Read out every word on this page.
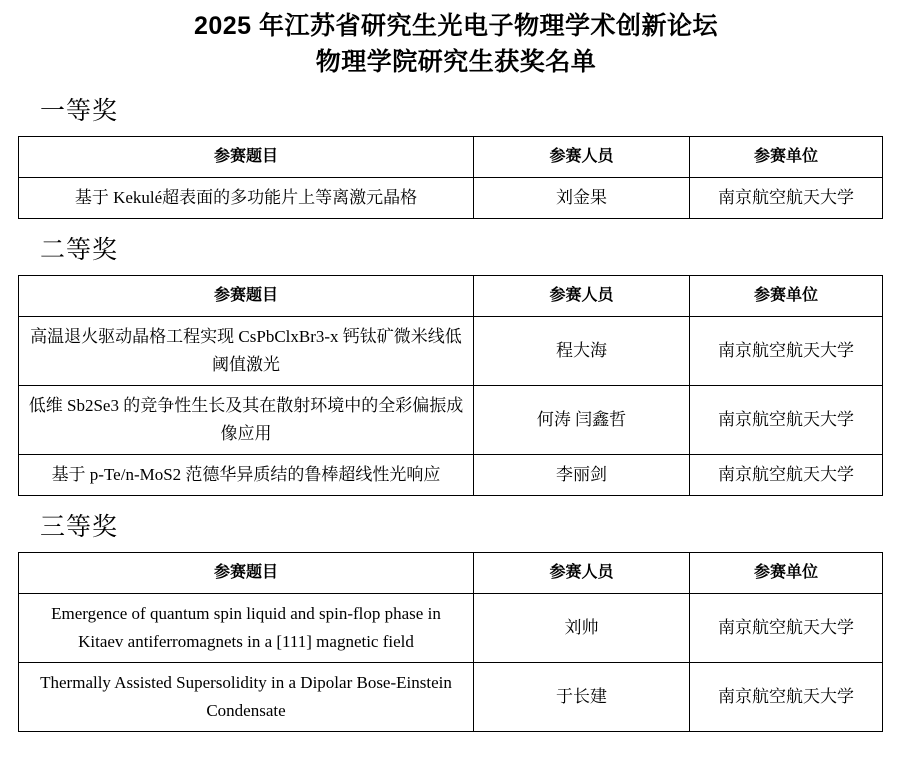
2025 年江苏省研究生光电子物理学术创新论坛
物理学院研究生获奖名单
一等奖
参赛题目	参赛人员	参赛单位
基于 Kekulé超表面的多功能片上等离激元晶格	刘金果	南京航空航天大学
二等奖
参赛题目	参赛人员	参赛单位
高温退火驱动晶格工程实现 CsPbClxBr3-x 钙钛矿微米线低阈值激光	程大海	南京航空航天大学
低维 Sb2Se3 的竞争性生长及其在散射环境中的全彩偏振成像应用	何涛 闫鑫哲	南京航空航天大学
基于 p-Te/n-MoS2 范德华异质结的鲁棒超线性光响应	李丽剑	南京航空航天大学
三等奖
参赛题目	参赛人员	参赛单位
Emergence of quantum spin liquid and spin-flop phase in Kitaev antiferromagnets in a [111] magnetic field	刘帅	南京航空航天大学
Thermally Assisted Supersolidity in a Dipolar Bose-Einstein Condensate	于长建	南京航空航天大学
